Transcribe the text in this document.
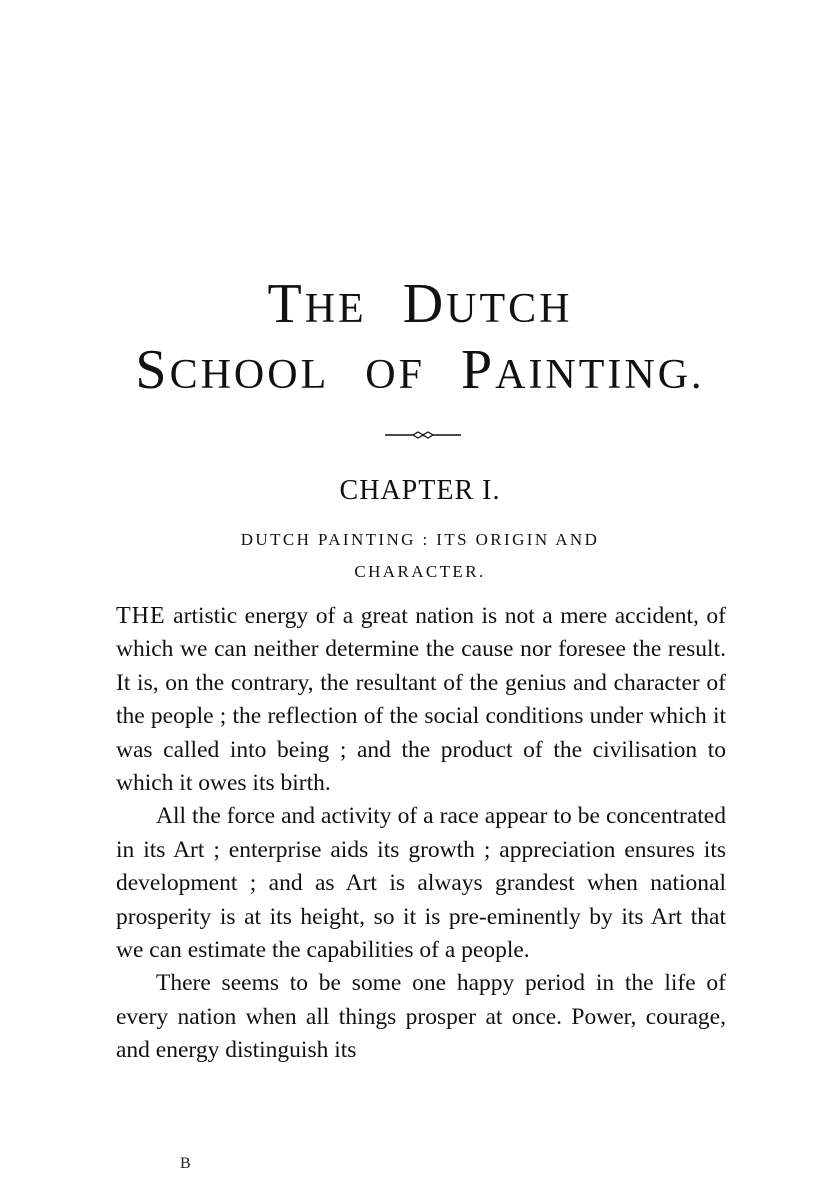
THE DUTCH
SCHOOL OF PAINTING.
CHAPTER I.
DUTCH PAINTING : ITS ORIGIN AND
CHARACTER.

THE artistic energy of a great nation is not a mere accident, of which we can neither determine the cause nor foresee the result. It is, on the contrary, the resultant of the genius and character of the people ; the reflection of the social conditions under which it was called into being ; and the product of the civilisation to which it owes its birth.

All the force and activity of a race appear to be concentrated in its Art ; enterprise aids its growth ; appreciation ensures its development ; and as Art is always grandest when national prosperity is at its height, so it is pre-eminently by its Art that we can estimate the capabilities of a people.

There seems to be some one happy period in the life of every nation when all things prosper at once. Power, courage, and energy distinguish its

B
